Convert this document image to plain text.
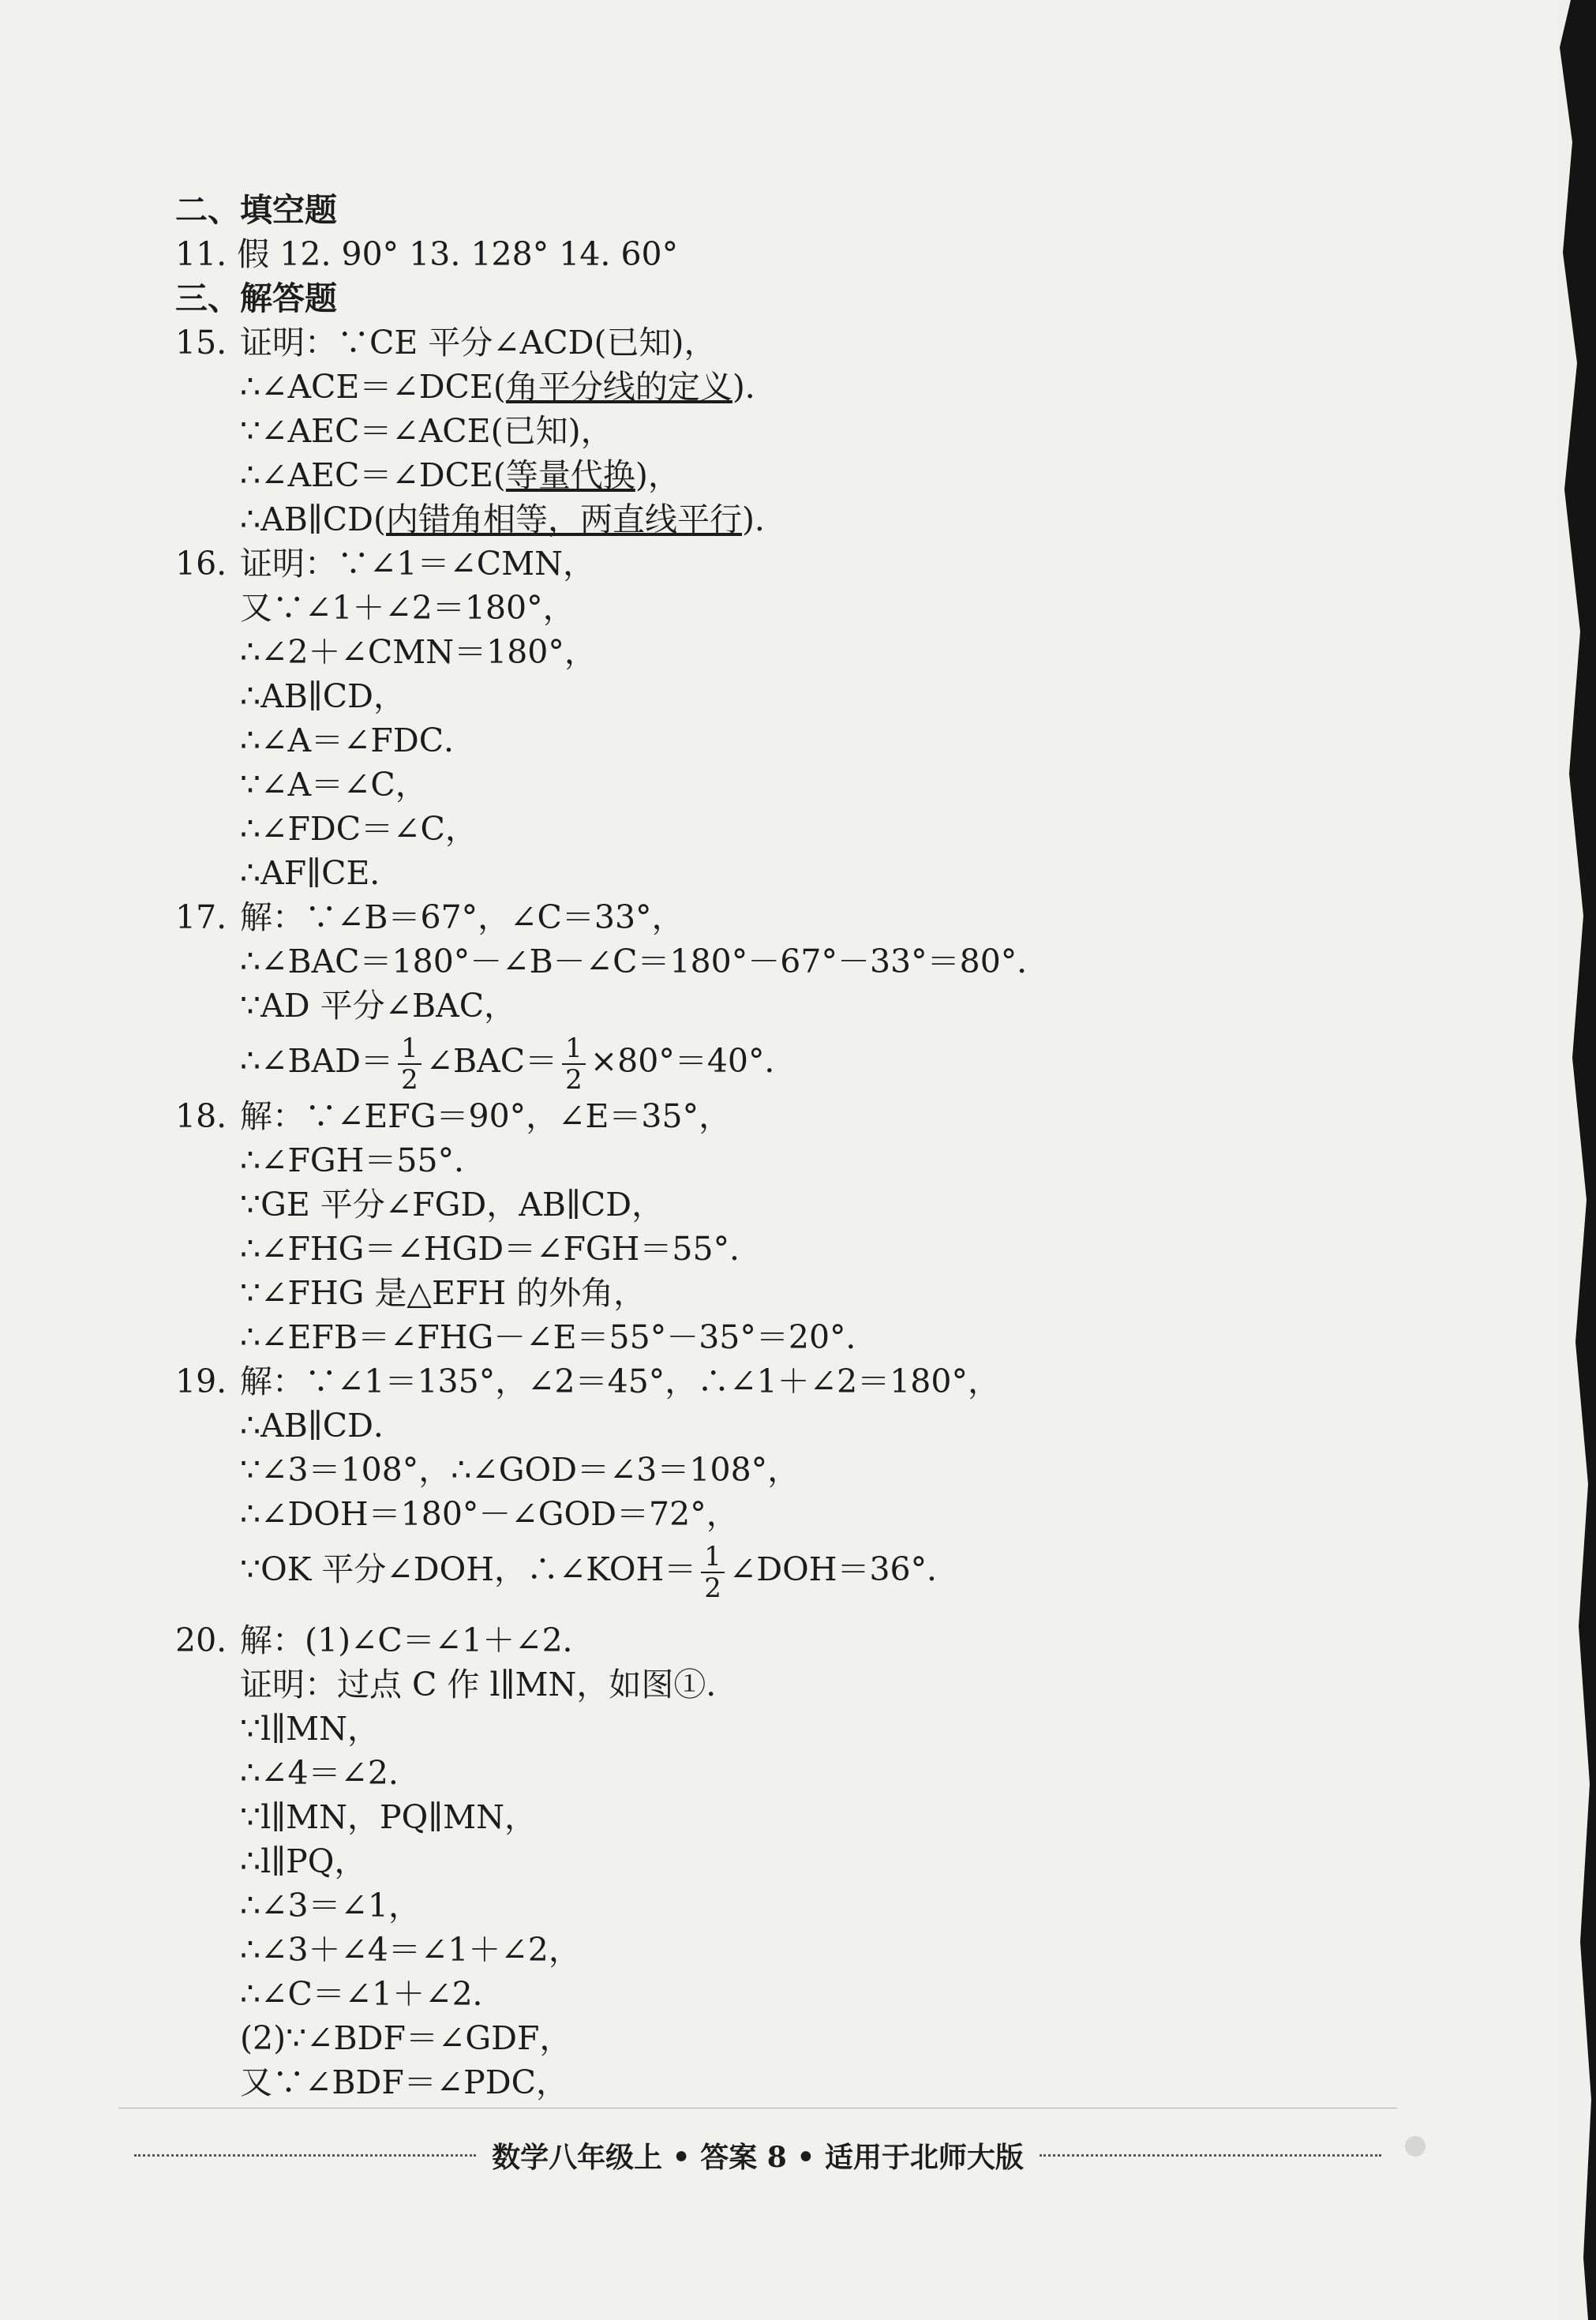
二、填空题
11. 假 12. 90° 13. 128° 14. 60°
三、解答题
15. 证明：∵CE 平分∠ACD(已知)，
∴∠ACE＝∠DCE(角平分线的定义)．
∵∠AEC＝∠ACE(已知)，
∴∠AEC＝∠DCE(等量代换)，
∴AB∥CD(内错角相等，两直线平行)．
16. 证明：∵∠1＝∠CMN，
又∵∠1＋∠2＝180°，
∴∠2＋∠CMN＝180°，
∴AB∥CD，
∴∠A＝∠FDC．
∵∠A＝∠C，
∴∠FDC＝∠C，
∴AF∥CE．
17. 解：∵∠B＝67°，∠C＝33°，
∴∠BAC＝180°－∠B－∠C＝180°－67°－33°＝80°．
∵AD 平分∠BAC，
∴∠BAD＝ $\frac{1}{2}$ ∠BAC＝ $\frac{1}{2} \times 80^\circ=40^\circ$．
18. 解：∵∠EFG＝90°，∠E＝35°，
∴∠FGH＝55°．
∵GE 平分∠FGD，AB∥CD，
∴∠FHG＝∠HGD＝∠FGH＝55°．
∵∠FHG 是△EFH 的外角，
∴∠EFB＝∠FHG－∠E＝55°－35°＝20°．
19. 解：∵∠1＝135°，∠2＝45°，∴∠1＋∠2＝180°，
∴AB∥CD．
∵∠3＝108°，∴∠GOD＝∠3＝108°，
∴∠DOH＝180°－∠GOD＝72°，
∵OK 平分∠DOH，∴∠KOH＝ $\frac{1}{2}$ ∠DOH＝36°．
20. 解：(1)∠C＝∠1＋∠2．
证明：过点 C 作 l∥MN，如图①．
∵l∥MN，
∴∠4＝∠2．
∵l∥MN，PQ∥MN，
∴l∥PQ，
∴∠3＝∠1，
∴∠3＋∠4＝∠1＋∠2，
∴∠C＝∠1＋∠2．
(2)∵∠BDF＝∠GDF，
又∵∠BDF＝∠PDC，
数学八年级上 • 答案 8 • 适用于北师大版
